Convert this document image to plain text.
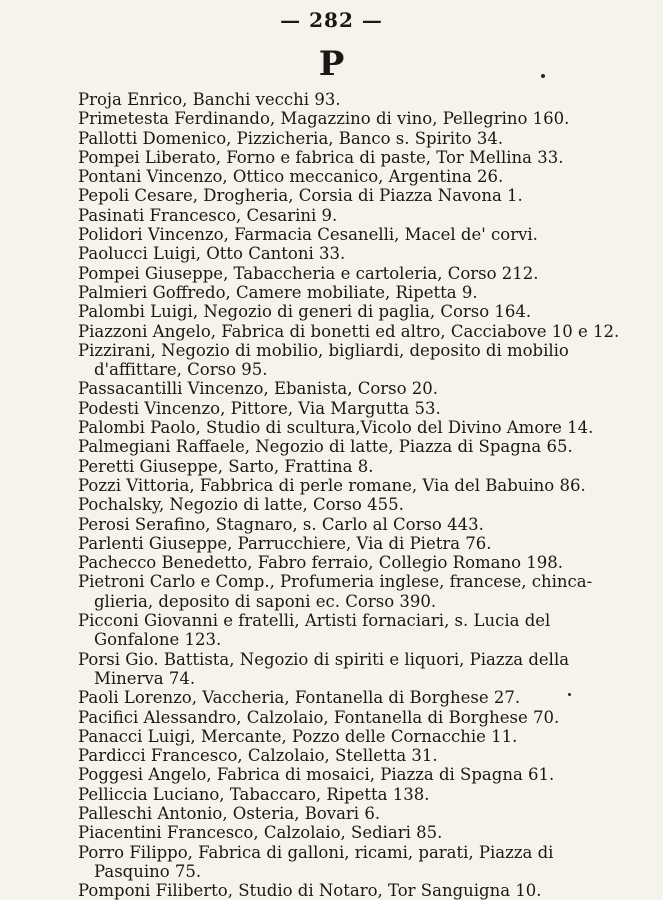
— 282 —
P
Proja Enrico, Banchi vecchi 93.
Primetesta Ferdinando, Magazzino di vino, Pellegrino 160.
Pallotti Domenico, Pizzicheria, Banco s. Spirito 34.
Pompei Liberato, Forno e fabrica di paste, Tor Mellina 33.
Pontani Vincenzo, Ottico meccanico, Argentina 26.
Pepoli Cesare, Drogheria, Corsia di Piazza Navona 1.
Pasinati Francesco, Cesarini 9.
Polidori Vincenzo, Farmacia Cesanelli, Macel de' corvi.
Paolucci Luigi, Otto Cantoni 33.
Pompei Giuseppe, Tabaccheria e cartoleria, Corso 212.
Palmieri Goffredo, Camere mobiliate, Ripetta 9.
Palombi Luigi, Negozio di generi di paglia, Corso 164.
Piazzoni Angelo, Fabrica di bonetti ed altro, Cacciabove 10 e 12.
Pizzirani, Negozio di mobilio, bigliardi, deposito di mobilio
d'affittare, Corso 95.
Passacantilli Vincenzo, Ebanista, Corso 20.
Podesti Vincenzo, Pittore, Via Margutta 53.
Palombi Paolo, Studio di scultura,Vicolo del Divino Amore 14.
Palmegiani Raffaele, Negozio di latte, Piazza di Spagna 65.
Peretti Giuseppe, Sarto, Frattina 8.
Pozzi Vittoria, Fabbrica di perle romane, Via del Babuino 86.
Pochalsky, Negozio di latte, Corso 455.
Perosi Serafino, Stagnaro, s. Carlo al Corso 443.
Parlenti Giuseppe, Parrucchiere, Via di Pietra 76.
Pachecco Benedetto, Fabro ferraio, Collegio Romano 198.
Pietroni Carlo e Comp., Profumeria inglese, francese, chinca-
glieria, deposito di saponi ec. Corso 390.
Picconi Giovanni e fratelli, Artisti fornaciari, s. Lucia del
Gonfalone 123.
Porsi Gio. Battista, Negozio di spiriti e liquori, Piazza della
Minerva 74.
Paoli Lorenzo, Vaccheria, Fontanella di Borghese 27.
Pacifici Alessandro, Calzolaio, Fontanella di Borghese 70.
Panacci Luigi, Mercante, Pozzo delle Cornacchie 11.
Pardicci Francesco, Calzolaio, Stelletta 31.
Poggesi Angelo, Fabrica di mosaici, Piazza di Spagna 61.
Pelliccia Luciano, Tabaccaro, Ripetta 138.
Palleschi Antonio, Osteria, Bovari 6.
Piacentini Francesco, Calzolaio, Sediari 85.
Porro Filippo, Fabrica di galloni, ricami, parati, Piazza di
Pasquino 75.
Pomponi Filiberto, Studio di Notaro, Tor Sanguigna 10.
